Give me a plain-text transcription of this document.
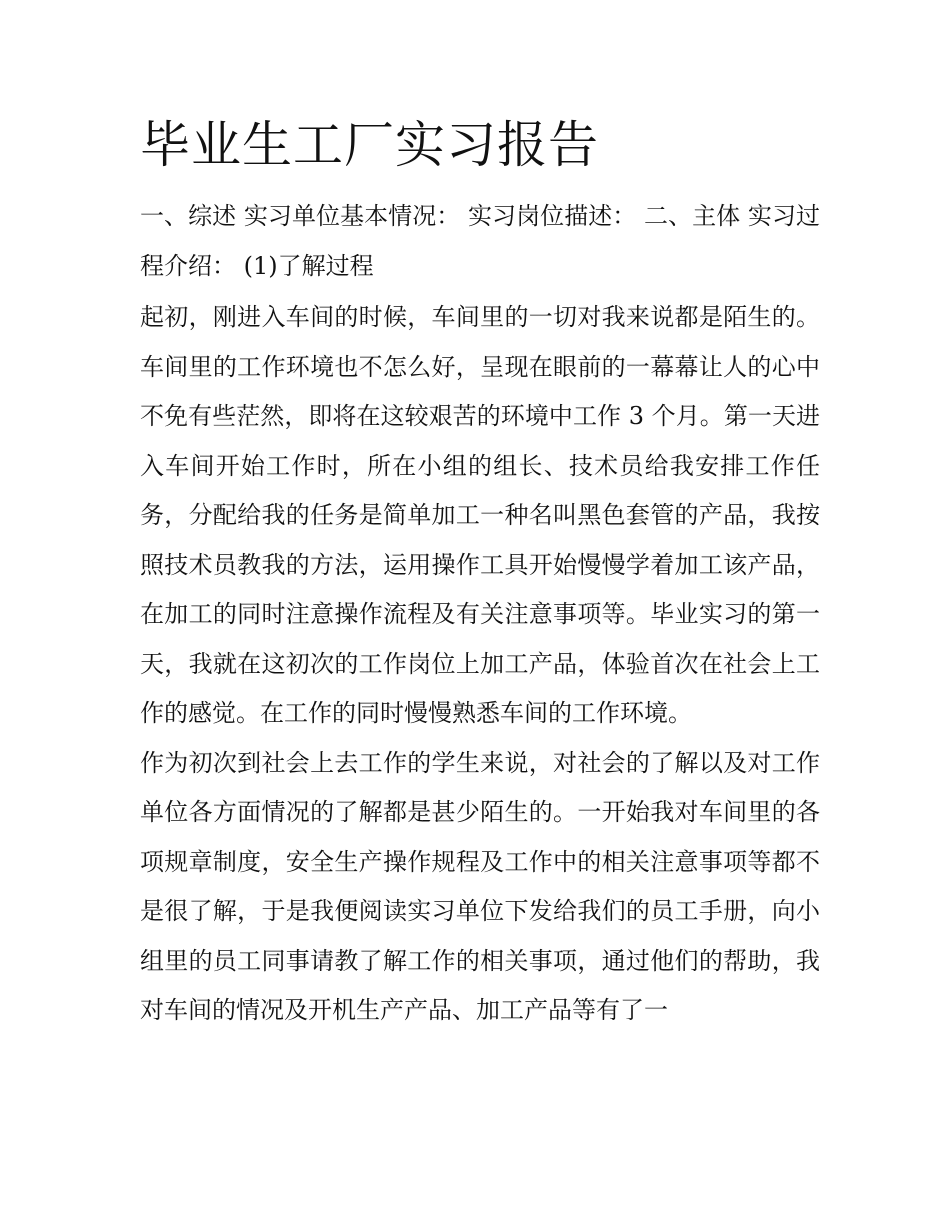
毕业生工厂实习报告

一、综述 实习单位基本情况： 实习岗位描述： 二、主体 实习过程介绍： (1)了解过程

起初，刚进入车间的时候，车间里的一切对我来说都是陌生的。车间里的工作环境也不怎么好，呈现在眼前的一幕幕让人的心中不免有些茫然，即将在这较艰苦的环境中工作 3 个月。第一天进入车间开始工作时，所在小组的组长、技术员给我安排工作任务，分配给我的任务是简单加工一种名叫黑色套管的产品，我按照技术员教我的方法，运用操作工具开始慢慢学着加工该产品，在加工的同时注意操作流程及有关注意事项等。毕业实习的第一天，我就在这初次的工作岗位上加工产品，体验首次在社会上工作的感觉。在工作的同时慢慢熟悉车间的工作环境。

作为初次到社会上去工作的学生来说，对社会的了解以及对工作单位各方面情况的了解都是甚少陌生的。一开始我对车间里的各项规章制度，安全生产操作规程及工作中的相关注意事项等都不是很了解，于是我便阅读实习单位下发给我们的员工手册，向小组里的员工同事请教了解工作的相关事项，通过他们的帮助，我对车间的情况及开机生产产品、加工产品等有了一
